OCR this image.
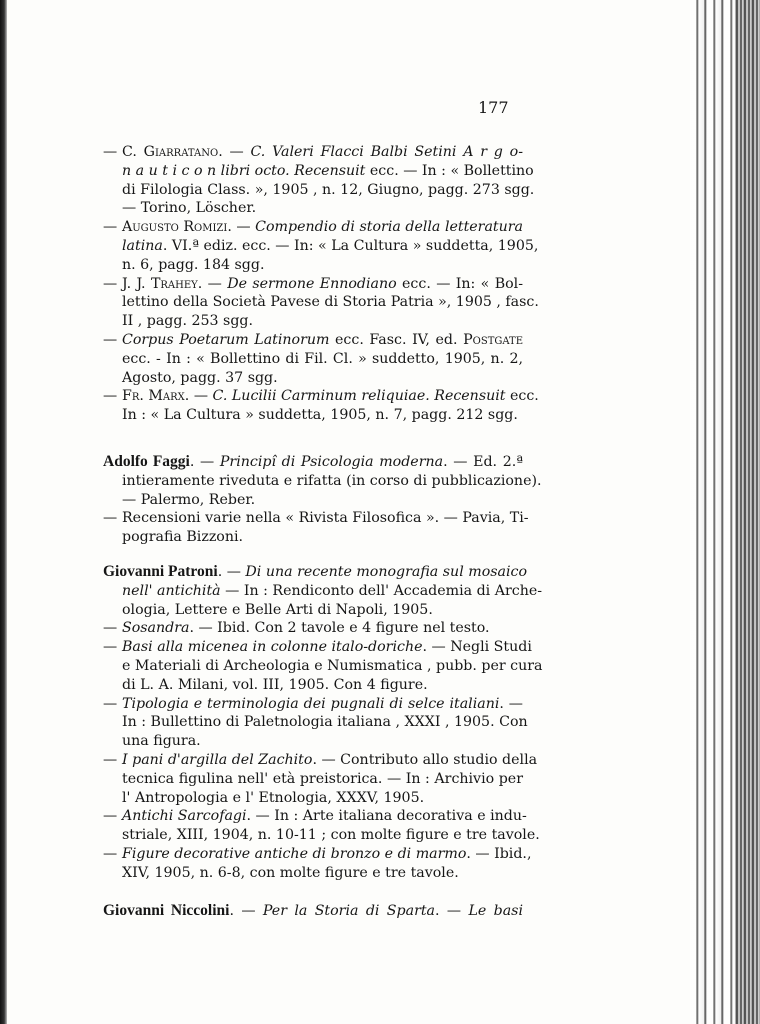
177
— C. Giarratano. — C. Valeri Flacci Balbi Setini A r g o-
n a u t i c o n libri octo. Recensuit ecc. — In : « Bollettino
di Filologia Class. », 1905 , n. 12, Giugno, pagg. 273 sgg.
— Torino, Löscher.
— Augusto Romizi. — Compendio di storia della letteratura
latina. VI.ª ediz. ecc. — In: « La Cultura » suddetta, 1905,
n. 6, pagg. 184 sgg.
— J. J. Trahey. — De sermone Ennodiano ecc. — In: « Bol-
lettino della Società Pavese di Storia Patria », 1905 , fasc.
II , pagg. 253 sgg.
— Corpus Poetarum Latinorum ecc. Fasc. IV, ed. Postgate
ecc. - In : « Bollettino di Fil. Cl. » suddetto, 1905, n. 2,
Agosto, pagg. 37 sgg.
— Fr. Marx. — C. Lucilii Carminum reliquiae. Recensuit ecc.
In : « La Cultura » suddetta, 1905, n. 7, pagg. 212 sgg.
Adolfo Faggi. — Principî di Psicologia moderna. — Ed. 2.ª
intieramente riveduta e rifatta (in corso di pubblicazione).
— Palermo, Reber.
— Recensioni varie nella « Rivista Filosofica ». — Pavia, Ti-
pografia Bizzoni.
Giovanni Patroni. — Di una recente monografia sul mosaico
nell' antichità — In : Rendiconto dell' Accademia di Arche-
ologia, Lettere e Belle Arti di Napoli, 1905.
— Sosandra. — Ibid. Con 2 tavole e 4 figure nel testo.
— Basi alla micenea in colonne italo-doriche. — Negli Studi
e Materiali di Archeologia e Numismatica , pubb. per cura
di L. A. Milani, vol. III, 1905. Con 4 figure.
— Tipologia e terminologia dei pugnali di selce italiani. —
In : Bullettino di Paletnologia italiana , XXXI , 1905. Con
una figura.
— I pani d'argilla del Zachito. — Contributo allo studio della
tecnica figulina nell' età preistorica. — In : Archivio per
l' Antropologia e l' Etnologia, XXXV, 1905.
— Antichi Sarcofagi. — In : Arte italiana decorativa e indu-
striale, XIII, 1904, n. 10-11 ; con molte figure e tre tavole.
— Figure decorative antiche di bronzo e di marmo. — Ibid.,
XIV, 1905, n. 6-8, con molte figure e tre tavole.
Giovanni Niccolini. — Per la Storia di Sparta. — Le basi
